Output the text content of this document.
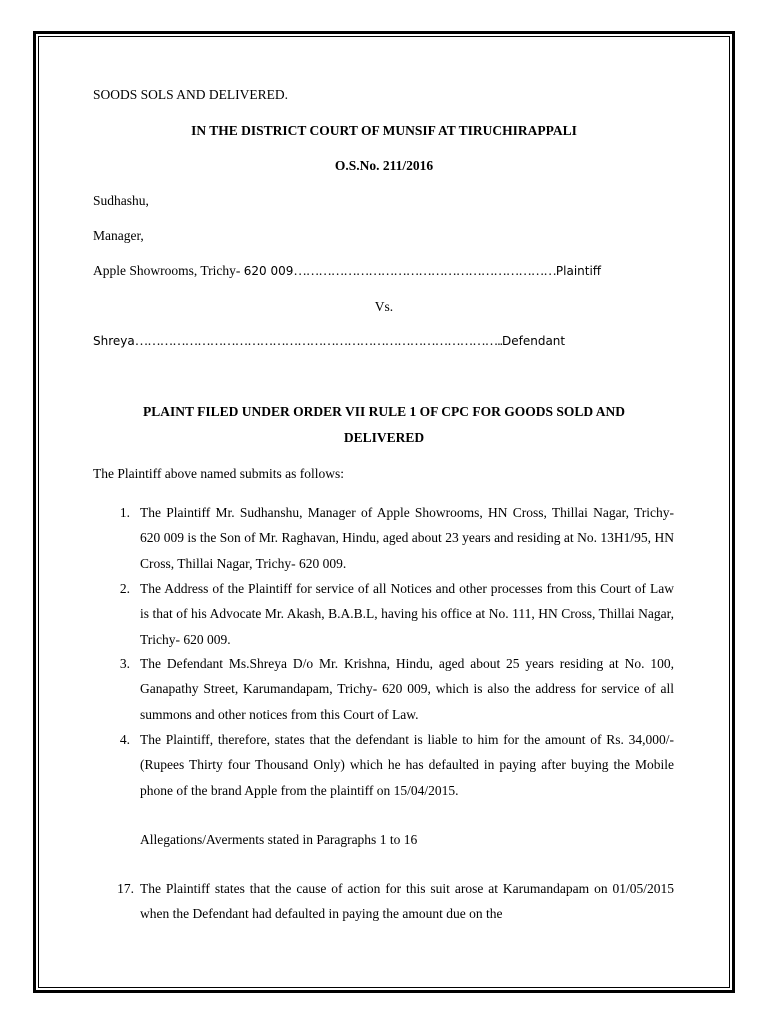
SOODS SOLS AND DELIVERED.
IN THE DISTRICT COURT OF MUNSIF AT TIRUCHIRAPPALI
O.S.No. 211/2016
Sudhashu,
Manager,
Apple Showrooms, Trichy- 620 009………………………………………………………Plaintiff
Vs.
Shreya……………………………………………………………………………..Defendant
PLAINT FILED UNDER ORDER VII RULE 1 OF CPC FOR GOODS SOLD AND
DELIVERED
The Plaintiff above named submits as follows:
1. The Plaintiff Mr. Sudhanshu, Manager of Apple Showrooms, HN Cross, Thillai Nagar, Trichy- 620 009 is the Son of Mr. Raghavan, Hindu, aged about 23 years and residing at No. 13H1/95, HN Cross, Thillai Nagar, Trichy- 620 009.
2. The Address of the Plaintiff for service of all Notices and other processes from this Court of Law is that of his Advocate Mr. Akash, B.A.B.L, having his office at No. 111, HN Cross, Thillai Nagar, Trichy- 620 009.
3. The Defendant Ms.Shreya D/o Mr. Krishna, Hindu, aged about 25 years residing at No. 100, Ganapathy Street, Karumandapam, Trichy- 620 009, which is also the address for service of all summons and other notices from this Court of Law.
4. The Plaintiff, therefore, states that the defendant is liable to him for the amount of Rs. 34,000/- (Rupees Thirty four Thousand Only) which he has defaulted in paying after buying the Mobile phone of the brand Apple from the plaintiff on 15/04/2015.
Allegations/Averments stated in Paragraphs 1 to 16
17. The Plaintiff states that the cause of action for this suit arose at Karumandapam on 01/05/2015 when the Defendant had defaulted in paying the amount due on the
